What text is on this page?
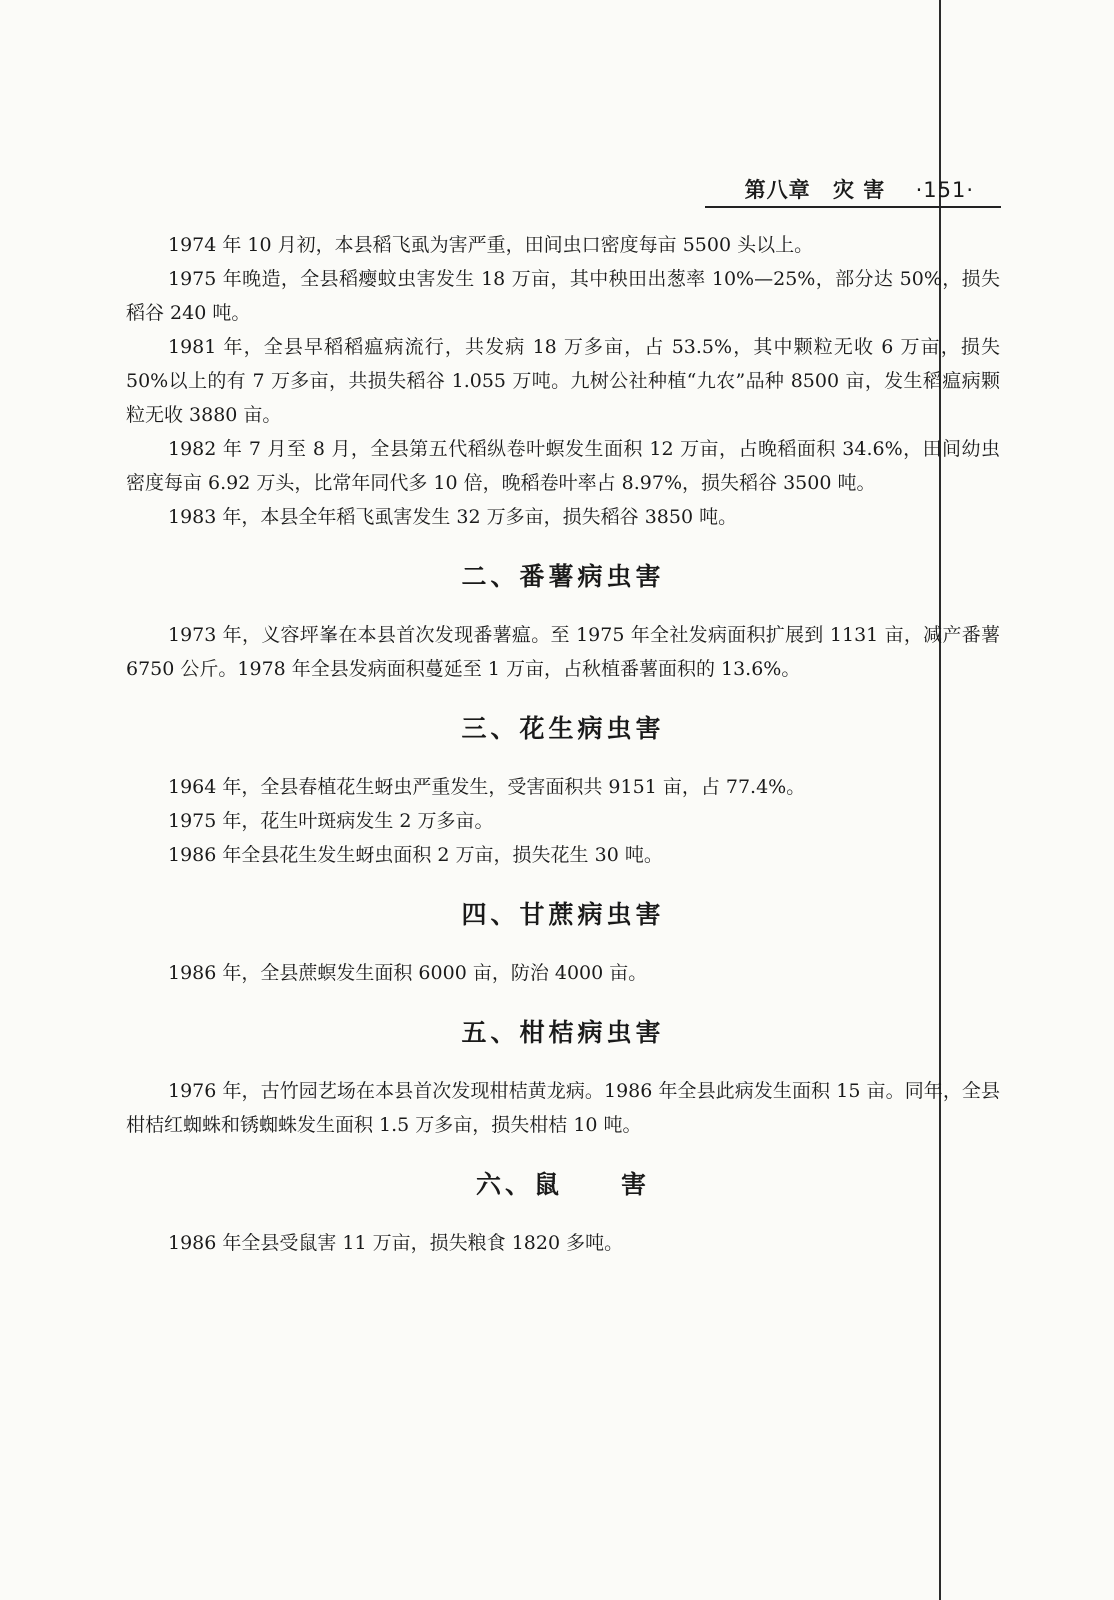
第八章 灾 害 ·151·

1974 年 10 月初，本县稻飞虱为害严重，田间虫口密度每亩 5500 头以上。

1975 年晚造，全县稻瘿蚊虫害发生 18 万亩，其中秧田出葱率 10%—25%，部分达 50%，损失稻谷 240 吨。

1981 年，全县早稻稻瘟病流行，共发病 18 万多亩，占 53.5%，其中颗粒无收 6 万亩，损失 50%以上的有 7 万多亩，共损失稻谷 1.055 万吨。九树公社种植“九农”品种 8500 亩，发生稻瘟病颗粒无收 3880 亩。

1982 年 7 月至 8 月，全县第五代稻纵卷叶螟发生面积 12 万亩，占晚稻面积 34.6%，田间幼虫密度每亩 6.92 万头，比常年同代多 10 倍，晚稻卷叶率占 8.97%，损失稻谷 3500 吨。

1983 年，本县全年稻飞虱害发生 32 万多亩，损失稻谷 3850 吨。

二、番薯病虫害

1973 年，义容坪峯在本县首次发现番薯瘟。至 1975 年全社发病面积扩展到 1131 亩，减产番薯 6750 公斤。1978 年全县发病面积蔓延至 1 万亩，占秋植番薯面积的 13.6%。

三、花生病虫害

1964 年，全县春植花生蚜虫严重发生，受害面积共 9151 亩，占 77.4%。

1975 年，花生叶斑病发生 2 万多亩。

1986 年全县花生发生蚜虫面积 2 万亩，损失花生 30 吨。

四、甘蔗病虫害

1986 年，全县蔗螟发生面积 6000 亩，防治 4000 亩。

五、柑桔病虫害

1976 年，古竹园艺场在本县首次发现柑桔黄龙病。1986 年全县此病发生面积 15 亩。同年，全县柑桔红蜘蛛和锈蜘蛛发生面积 1.5 万多亩，损失柑桔 10 吨。

六、鼠　　害

1986 年全县受鼠害 11 万亩，损失粮食 1820 多吨。
